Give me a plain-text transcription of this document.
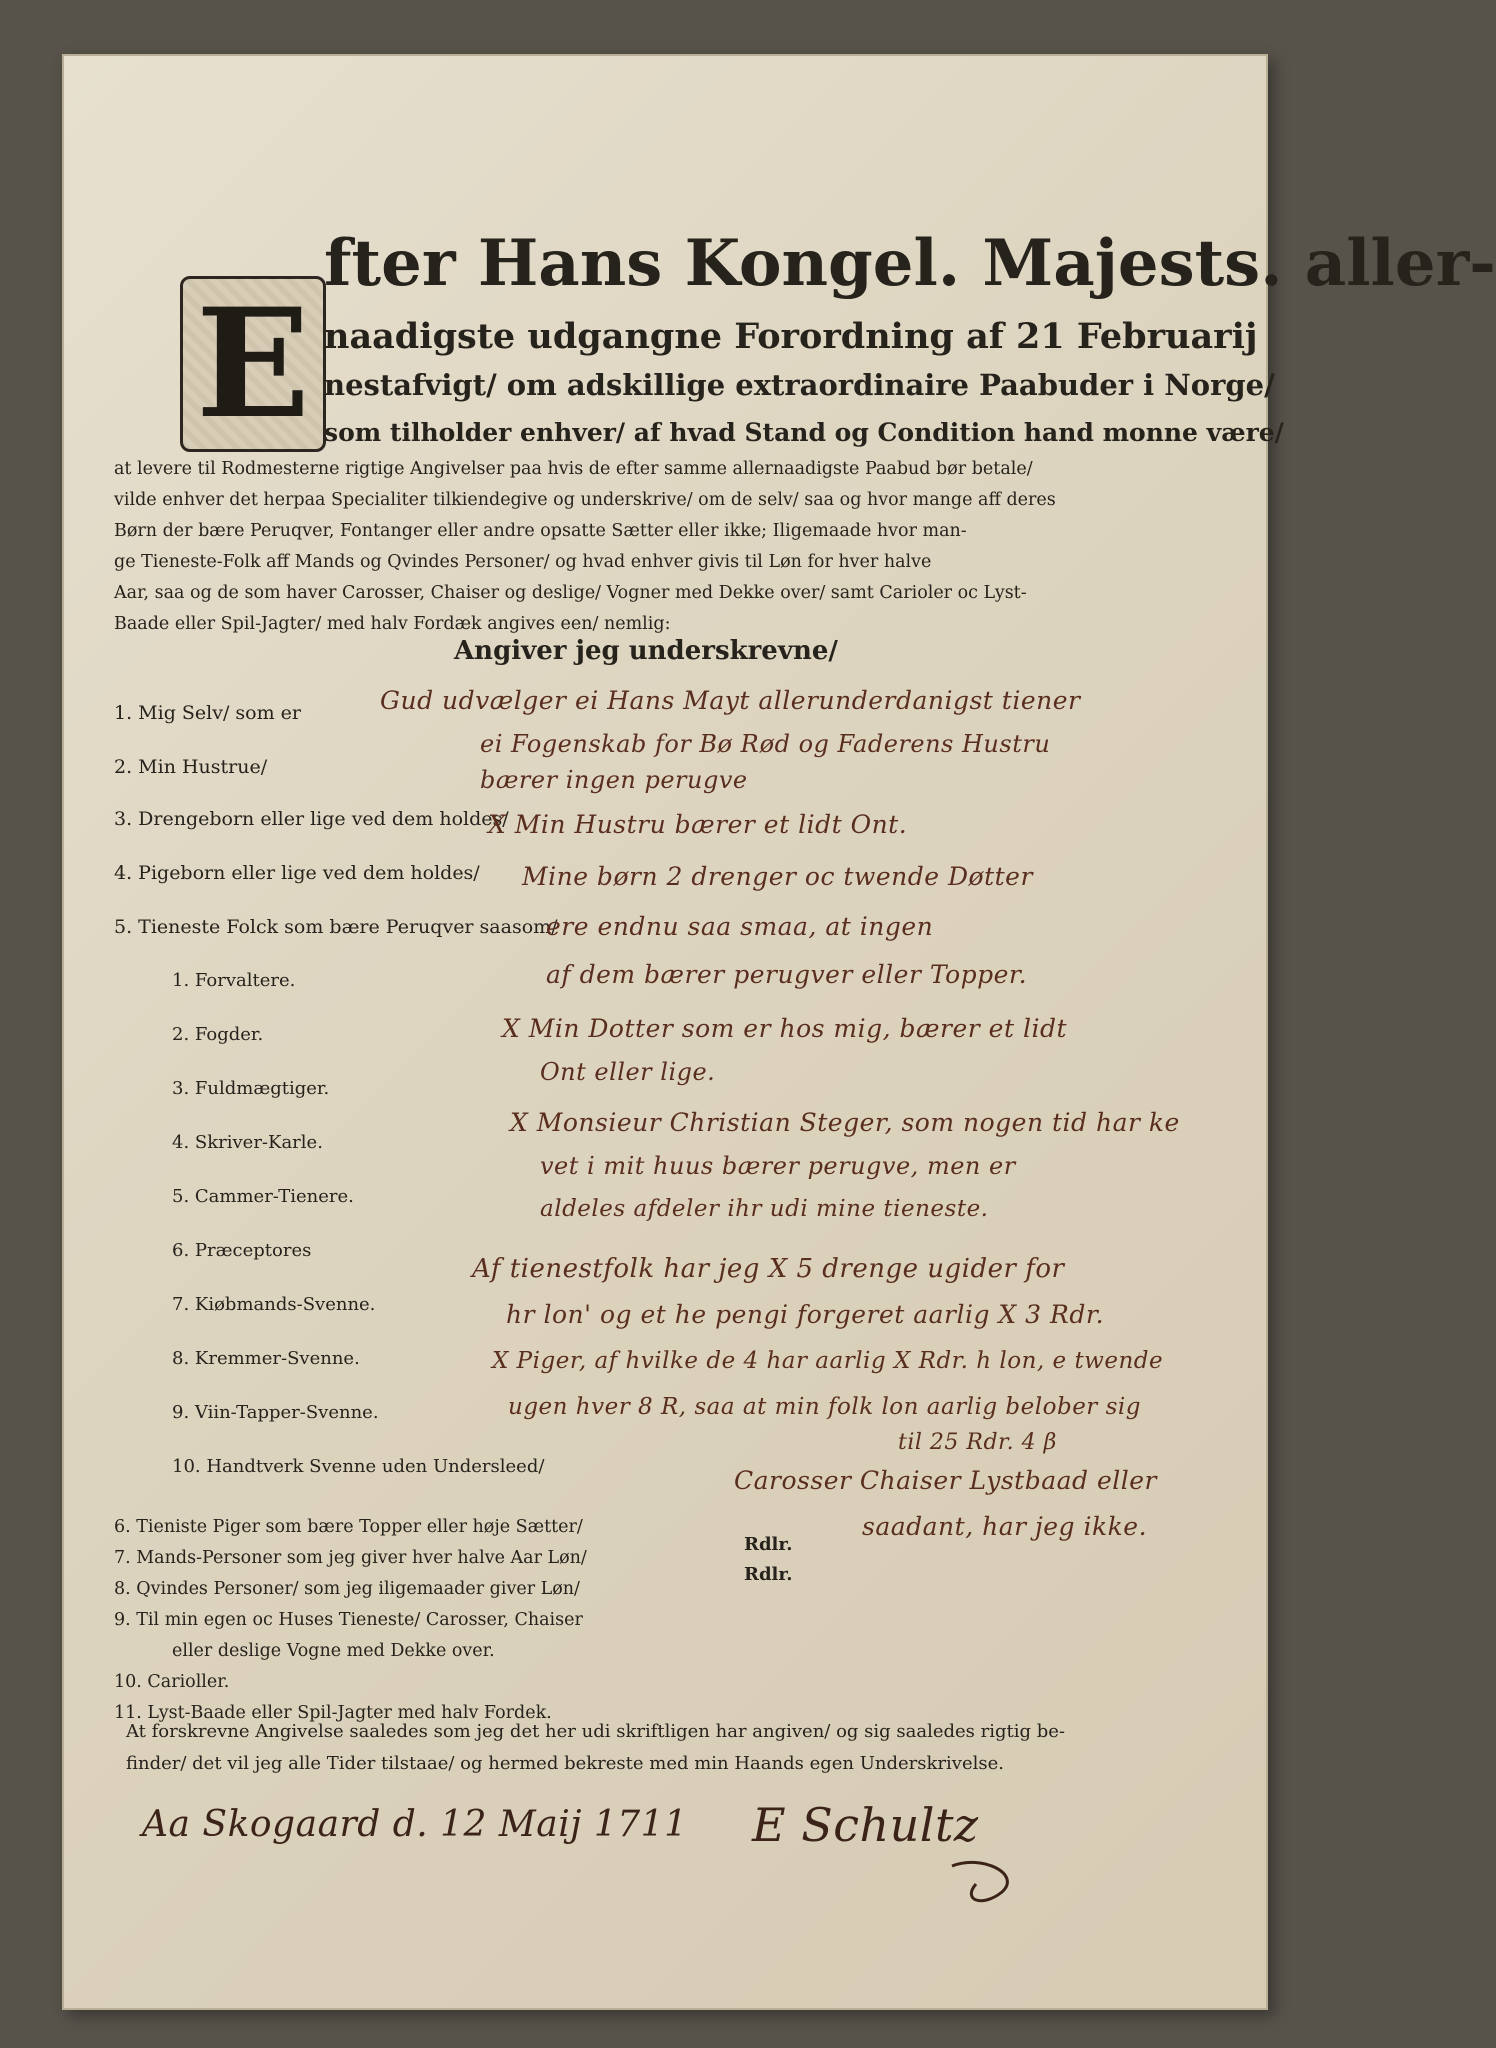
E
fter Hans Kongel. Majests. aller-
naadigste udgangne Forordning af 21 Februarij
nestafvigt/ om adskillige extraordinaire Paabuder i Norge/
som tilholder enhver/ af hvad Stand og Condition hand monne være/
at levere til Rodmesterne rigtige Angivelser paa hvis de efter samme allernaadigste Paabud bør betale/
vilde enhver det herpaa Specialiter tilkiendegive og underskrive/ om de selv/ saa og hvor mange aff deres
Børn der bære Peruqver, Fontanger eller andre opsatte Sætter eller ikke; Iligemaade hvor man-
ge Tieneste-Folk aff Mands og Qvindes Personer/ og hvad enhver givis til Løn for hver halve
Aar, saa og de som haver Carosser, Chaiser og deslige/ Vogner med Dekke over/ samt Carioler oc Lyst-
Baade eller Spil-Jagter/ med halv Fordæk angives een/ nemlig:
Angiver jeg underskrevne/
1. Mig Selv/ som er
2. Min Hustrue/
3. Drengeborn eller lige ved dem holdes/
4. Pigeborn eller lige ved dem holdes/
5. Tieneste Folck som bære Peruqver saasom/
1. Forvaltere.
2. Fogder.
3. Fuldmægtiger.
4. Skriver-Karle.
5. Cammer-Tienere.
6. Præceptores
7. Kiøbmands-Svenne.
8. Kremmer-Svenne.
9. Viin-Tapper-Svenne.
10. Handtverk Svenne uden Undersleed/
6. Tieniste Piger som bære Topper eller høje Sætter/
7. Mands-Personer som jeg giver hver halve Aar Løn/
8. Qvindes Personer/ som jeg iligemaader giver Løn/
9. Til min egen oc Huses Tieneste/ Carosser, Chaiser
eller deslige Vogne med Dekke over.
10. Carioller.
11. Lyst-Baade eller Spil-Jagter med halv Fordek.
Rdlr.
Rdlr.
At forskrevne Angivelse saaledes som jeg det her udi skriftligen har angiven/ og sig saaledes rigtig be-
finder/ det vil jeg alle Tider tilstaae/ og hermed bekreste med min Haands egen Underskrivelse.
Gud udvælger ei Hans Mayt allerunderdanigst tiener
ei Fogenskab for Bø Rød og Faderens Hustru
bærer ingen perugve
X Min Hustru bærer et lidt Ont.
Mine børn 2 drenger oc twende Døtter
ere endnu saa smaa, at ingen
af dem bærer perugver eller Topper.
X Min Dotter som er hos mig, bærer et lidt
Ont eller lige.
X Monsieur Christian Steger, som nogen tid har ke
vet i mit huus bærer perugve, men er
aldeles afdeler ihr udi mine tieneste.
Af tienestfolk har jeg X 5 drenge ugider for
hr lon' og et he pengi forgeret aarlig X 3 Rdr.
X Piger, af hvilke de 4 har aarlig X Rdr. h lon, e twende
ugen hver 8 R, saa at min folk lon aarlig belober sig
til 25 Rdr. 4 β
Carosser Chaiser Lystbaad eller
saadant, har jeg ikke.
Aa Skogaard d. 12 Maij 1711 E Schultz
